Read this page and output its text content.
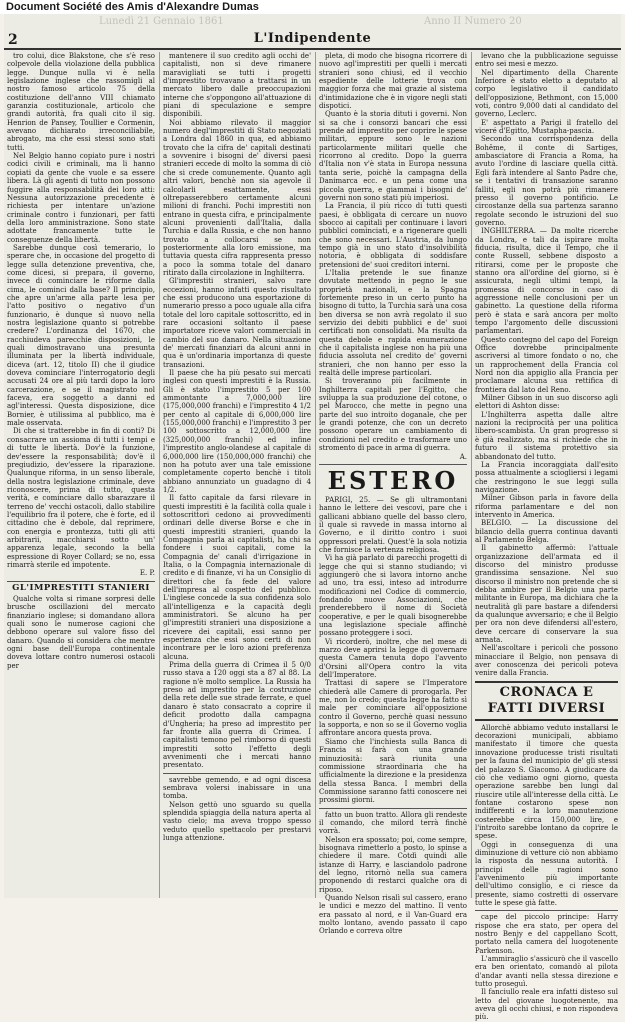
Document Société des Amis d'Alexandre Dumas
Lunedì 21 Gennaio 1861	Anno II Numero 20
2	L'Indipendente

tro colui, dice Blakstone, che s'è reso colpevole della violazione della pubblica legge. Dunque nulla vi è nella legislazione inglese che rassomigli al nostro famoso articolo 75 della costituzione dell'anno VIII chiamato garanzia costituzionale, articolo che grandi autorità, fra quali cito il sig. Henrion de Pansey, Toullier e Cormenin, avevano dichiarato irreconciliabile, abrogato, ma che essi stessi sono stati tutti.

Nel Belgio hanno copiato pure i nostri codici civili e criminali, ma li hanno copiati da gente che vuole e sa essere libera. Là gli agenti di tutto non possono fuggire alla responsabilità dei loro atti: Nessuna autorizzazione precedente è richiesta per intentare un'azione criminale contro i funzionari, per fatti della loro amministrazione. Sono state adottate francamente tutte le conseguenze della libertà.

Sarebbe dunque così temerario, lo sperare che, in occasione del progetto di legge sulla detenzione preventiva, che, come dicesi, si prepara, il governo, invece di cominciare le riforme dalla cima, le cominci dalla base? Il principio, che apre un'arme alla parte lesa per l'atto positivo o negativo d'un funzionario, è dunque sì nuovo nella nostra legislazione quanto si potrebbe credere? L'ordinanza del 1670, che racchiudeva parecchie disposizioni, le quali dimostravano una presunta illuminata per la libertà individuale, diceva (art. 12, titolo II) che il giudice doveva cominciare l'interrogatorio degli accusati 24 ore al più tardi dopo la loro carcerazione, e se il magistrato nol faceva, era soggetto a danni ed agl'interessi. Questa disposizione, dice Bornier, è utilissima al pubblico, ma è male osservata.

Di che si tratterebbe in fin di conti? Di consacrare un assioma di tutti i tempi e di tutte le libertà. Dov'è la funzione, dev'essere la responsabilità; dov'è il pregiudizio, dev'essere la riparazione. Qualunque riforma, in un senso liberale, della nostra legislazione criminale, deve riconoscere, prima di tutto, questa verità, e cominciare dallo sbarazzare il terreno de' vecchi ostacoli, dallo stabilire l'equilibrio fra il potere, che è forte, ed il cittadino che è debole, dal reprimere, con energia e prontezza, tutti gli atti arbitrarii, macchiarsi sotto un' apparenza legale, secondo la bella espressione di Royer Collard; se no, essa rimarrà sterile ed impotente.

E. P.
GL'IMPRESTITI STANIERI

Qualche volta si rimane sorpresi delle brusche oscillazioni del mercato finanziario inglese; si domandano allora quali sono le numerose cagioni che debbono operare sul valore fisso del danaro. Quando si considera che mentre ogni base dell'Europa continentale doveva lottare contro numerosi ostacoli per

mantenere il suo credito agli occhi de' capitalisti, non si deve rimanere maravigliati se tutti i progetti d'imprestito trovavano a trattarsi in un mercato libero dalle preoccupazioni interne che s'oppongono all'attuazione di piani di speculazione e sempre disponibili.

Noi abbiamo rilevato il maggior numero degl'imprestiti di Stato negoziati a Londra dal 1860 in qua, ed abbiamo trovato che la cifra de' capitali destinati a sovvenire i bisogni de' diversi paesi stranieri eccede di molto la somma di ciò che si crede comunemente. Quanto agli altri valori, benchè non sia agevole il calcolarli esattamente, essi oltrepasserebbero certamente alcuni milioni di franchi. Pochi imprestiti non entrano in questa cifra, e principalmente alcuni provenienti dall'Italia, dalla Turchia e dalla Russia, e che non hanno trovato a collocarsi se non posteriormente alla loro emissione, ma tuttavia questa cifra rappresenta presso a poco la somma totale del danaro ritirato dalla circolazione in Inghilterra.

Gl'imprestiti stranieri, salvo rare eccezioni, hanno infatti questo risultato che essi producono una esportazione di numerario presso a poco uguale alla cifra totale del loro capitale sottoscritto, ed in rare occasioni soltanto il paese importatore riceve valori commerciali in cambio del suo danaro. Nella situazione de' mercati finanziari da alcuni anni in qua è un'ordinaria importanza di queste transazioni.

Il paese che ha più pesato sui mercati inglesi con questi imprestiti è la Russia. Gli è stato l'imprestito 5 per 100 ammontante a 7,000,000 lire (175,000,000 franchi) e l'imprestito 4 1/2 per cento al capitale di 6,000,000 lire (155,000,000 franchi) e l'imprestito 3 per 100 sottoscritto a 12,000,000 lire (325,000,000 franchi) ed infine l'imprestito anglo-olandese al capitale di 6,000,000 lire (150,000,000 franchi) che non ha potuto aver una tale emissione completamente coperto benchè i titoli abbiano annunziato un guadagno di 4 1/2.

Il fatto capitale da farsi rilevare in questi imprestiti è la facilità colla quale i sottoscrittori cedono ai provvedimenti ordinari delle diverse Borse e che in questi imprestiti stranieri, quando la Compagnia parla ai capitalisti, ha chi sa fondere i suoi capitali, come la Compagnia de' canali d'irrigazione in Italia, o la Compagnia internazionale di credito e di finanze, vi ha un Consiglio di direttori che fa fede del valore dell'impresa al cospetto del pubblico. L'inglese concede la sua confidenza solo all'intelligenza e la capacità degli amministratori. Se alcuno ha per gl'imprestiti stranieri una disposizione a ricevere dei capitali, essi sanno per esperienza che essi sono certi di non incontrare per le loro azioni preferenza alcuna.

Prima della guerra di Crimea il 5 0/0 russo stava a 120 oggi sta a 87 al 88. La ragione n'è molto semplice. La Russia ha preso ad imprestito per la costruzione della rete delle sue strade ferrate, e quel danaro è stato consacrato a coprire il deficit prodotto dalla campagna d'Ungheria; ha preso ad imprestito per far fronte alla guerra di Crimea. I capitalisti temono pel rimborso di questi imprestiti sotto l'effetto degli avvenimenti che i mercati hanno presentato.

savrebbe gemendo, e ad ogni discesa sembrava volersi inabissare in una tomba.

Nelson gettò uno sguardo su quella splendida spiaggia della natura aperta al vasto cielo; ma aveva troppo spesso veduto quello spettacolo per prestarvi lunga attenzione.

pleta, di modo che bisogna ricorrere di nuovo agl'imprestiti per quelli i mercati stranieri sono chiusi, ed il vecchio espediente delle lotterie trova con maggior forza che mai grazie al sistema d'intimidazione che è in vigore negli stati dispotici.

Quanto è la storia dituti i governi. Non si sa che i consorzi bancari che essi prende ad imprestito per coprire le spese militari, eppure sono le nazioni particolarmente militari quelle che ricorrono al credito. Dopo la guerra d'Italia non v'è stata in Europa nessuna tanta serie, poichè la campagna della Danimarca ecc. e un pena come una piccola guerra, e giammai i bisogni de' governi non sono stati più imperiosi.

La Francia, il più ricco di tutti questi paesi, è obbligata di cercare un nuovo sbocco ai capitali per continuare i lavori pubblici cominciati, e a rigenerare quelli che sono necessari. L'Austria, da lungo tempo già in uno stato d'insolvibilità notoria, è obbligata di soddisfare pretensioni de' suoi creditori interni.

L'Italia pretende le sue finanze dovutate mettendo in pegno le sue proprietà nazionali, e la Spagna fortemente preso in un certo punto ha bisogno di tutto, la Turchia sarà una cosa ben diversa se non avrà regolato il suo servizio dei debiti pubblici e de' suoi certificati non consolidati. Ma risulta da questa debole e rapida enumerazione che il capitalista inglese non ha più una fiducia assoluta nel credito de' governi stranieri, che non hanno per esso la realtà delle imprese particolari.

Si troveranno più facilmente in Inghilterra capitali per l'Egitto, che sviluppa la sua produzione del cotone, o pel Marocco, che mette in pegno una parte del suo introito doganale, che per le grandi potenze, che con un decreto possono operare un cambiamento di condizioni nel credito e trasformare uno stromento di pace in arma di guerra.

A.
ESTERO

PARIGI, 25. — Se gli ultramontani hanno le lettere dei vescovi, pare che i gallicani abbiano quelle del basso clero, il quale si ravvede in massa intorno al Governo, e il diritto contro i suoi oppressori prelati. Quest'è la sola notizia che fornisce la vertenza religiosa.

Vi ha già parlato di parecchi progetti di legge che qui si stanno studiando; vi aggiungerò che si lavora intorno anche ad uno, tra essi, inteso ad introdurre modificazioni nel Codice di commercio, fondando nuove Associazioni, che prenderebbero il nome di Società cooperative, e per le quali bisognerebbe una legislazione speciale affinchè possano proteggere i soci.

Vi ricorderò, inoltre, che nel mese di marzo deve aprirsi la legge di governare questa Camera tenuta dopo l'avvento d'Orsini all'Opera contro la vita dell'Imperatore.

Trattasi di sapere se l'Imperatore chiederà alle Camere di prorogarla. Per me, non lo credo; questa legge ha fatto sì male per cominciare all'opposizione contro il Governo, perchè quasi nessuno la sopporta, e non so se il Governo voglia affrontare ancora questa prova.

Siamo che l'inchiesta sulla Banca di Francia si farà con una grande minuziosità: sarà riunita una commissione straordinaria che ha ufficialmente la direzione e la presidenza della stessa Banca. I membri della Commissione saranno fatti conoscere nei prossimi giorni.

fatto un buon tratto. Allora gli rendeste il comando, che milord terrà finchè vorrà.

Nelson era spossato; poi, come sempre, bisognava rimetterlo a posto, lo spinse a chiedere il mare. Cotdì quindi alle istanze di Harry, e lasciandolo padrone del legno, ritornò nella sua camera proponendo di restarci qualche ora di riposo.

Quando Nelson risalì sul cassero, erano le undici e mezzo del mattino. Il vento era passato al nord, e il Van-Guard era molto lontano, avendo passato il capo Orlando e correva oltre

levano che la pubblicazione seguisse entro sei mesi e mezzo.

Nel dipartimento della Charente Inferiore è stato eletto a deputato al corpo legislativo il candidato dell'opposizione, Bethmont, con 15,000 voti, contro 9,000 dati al candidato del governo, Leclerc.

E' aspettato a Parigi il fratello del viceré d'Egitto, Mustapha-pascia.

Secondo una corrispondenza della Bohême, il conte di Sartiges, ambasciatore di Francia a Roma, ha avuto l'ordine di lasciare quella città. Egli farà intendere al Santo Padre che, se i tentativi di transazione saranno falliti, egli non potrà più rimanere presso il governo pontificio. Le circostanze della sua partenza saranno regolate secondo le istruzioni del suo governo.

INGHILTERRA. — Da molte ricerche da Londra, e tali da ispirare molta fiducia, risulta, dice il Tempo, che il conte Russell, sebbene disposto a ritirarsi, come per le proposte che stanno ora all'ordine del giorno, si è assicurata, negli ultimi tempi, la promessa di concorso in caso di aggressione nelle conclusioni per un gabinetto. La questione della riforma però è stata e sarà ancora per molto tempo l'argomento delle discussioni parlamentari.

Questo contegno del capo del Foreign Office dovrebbe principalmente ascriversi al timore fondato o no, che un rapprochement della Francia col Nord non dia appiglio alla Francia per proclamare alcuna sua rettifica di frontiera dal lato del Reno.

Milner Gibson in un suo discorso agli elettori di Ashton disse:

L'Inghilterra aspetta dalle altre nazioni la reciprocità per una politica libero-scambista. Un gran progresso si è già realizzato, ma si richiede che in futuro il sistema protettivo sia abbandonato del tutto.

La Francia incoraggiata dall'esito possa attualmente a sciogliersi i legami che restringono le sue leggi sulla navigazione.

Milner Gibson parla in favore della riforma parlamentare e del non intervento in America.

BELGIO. — La discussione del bilancio della guerra continua davanti al Parlamento Belga.

Il gabinetto affermò: l'attuale organizzazione dell'armata ed il discorso del ministro produsse grandissima sensazione. Nel suo discorso il ministro non pretende che si debba ambire per il Belgio una parte militante in Europa, ma dichiara che la neutralità gli pare bastare a difendersi da qualunque avversario; e che il Belgio per ora non deve difendersi all'estero, deve cercare di conservare la sua armata.

Nell'ascoltare i pericoli che possono minacciare il Belgio, non pensava di aver conoscenza dei pericoli poteva venire dalla Francia.

CRONACA E FATTI DIVERSI

Allorchè abbiamo veduto installarsi le decorazioni municipali, abbiamo manifestato il timore che questa innovazione producesse tristi risultati per la fauna del municipio de' gli stessi del palazzo S. Giacomo. A giudicare da ciò che vediamo ogni giorno, questa operazione sarebbe ben lungi dal riuscire utile all'interesse della città. Le fontane costarono spese non indifferenti e la loro manutenzione costerebbe circa 150,000 lire, e l'introito sarebbe lontano da coprire le spese.

Oggi in conseguenza di una diminuzione di vetture ciò non abbiamo la risposta da nessuna autorità. I principi delle ragioni sono l'avvenimento più importante dell'ultimo consiglio, e ci riesce da presente, siamo costretti di osservare tutte le spese già fatte.

cape del piccolo principe: Harry rispose che era stato, per opera del nostro Benjy e del cappellano Scott, portato nella camera del luogotenente Parkenson.

L'ammiraglio s'assicurò che il vascello era ben orientato, comandò al pilota d'andar avanti nella stessa direzione e tutto proseguì.

Il fanciullo reale era infatti disteso sul letto del giovane luogotenente, ma aveva gli occhi chiusi, e non rispondeva più.
